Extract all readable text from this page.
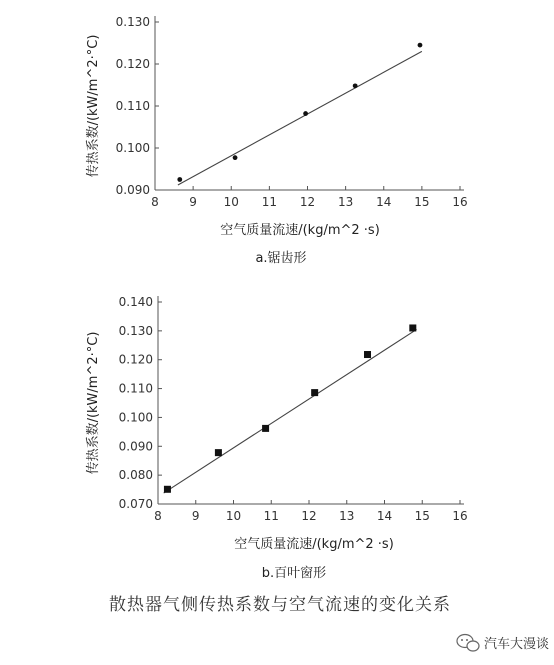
8	9 10 11 12 13 14 15 16
0.090
0.100
0.110
0.120
0.130
空气质量流速/(kg/m^2 ·s)
传热系数/(kW/m^2·°C)
a.锯齿形
8	9 10 11 12 13 14 15 16
0.070
0.080
0.090
0.100
0.110
0.120
0.130
0.140
空气质量流速/(kg/m^2 ·s)
传热系数/(kW/m^2·°C)
b.百叶窗形
散热器气侧传热系数与空气流速的变化关系
汽车大漫谈
